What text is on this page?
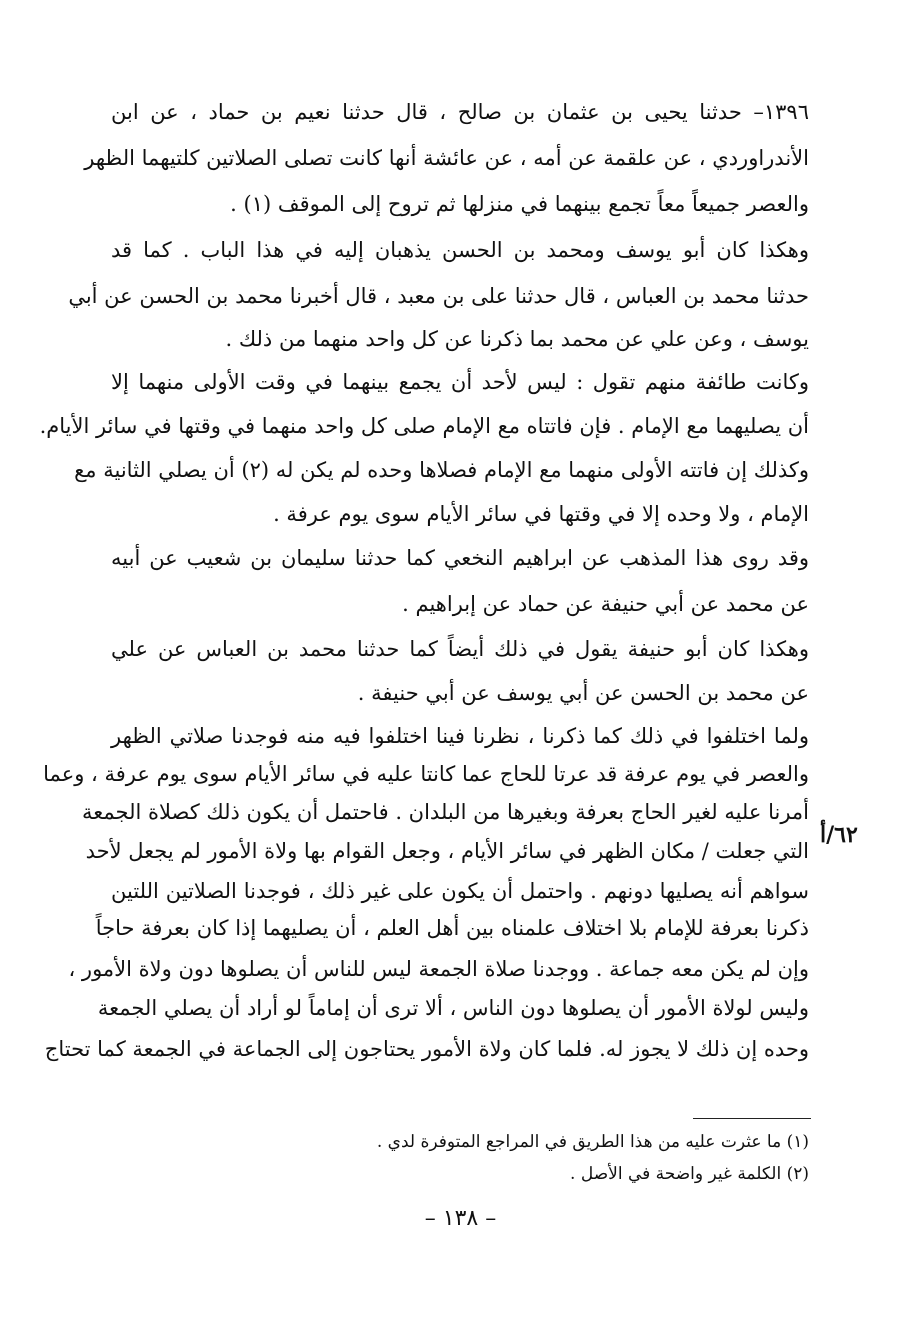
١٣٩٦– حدثنا يحيى بن عثمان بن صالح ، قال حدثنا نعيم بن حماد ، عن ابن
الأندراوردي ، عن علقمة عن أمه ، عن عائشة أنها كانت تصلى الصلاتين كلتيهما الظهر
والعصر جميعاً معاً تجمع بينهما في منزلها ثم تروح إلى الموقف (١) .
وهكذا كان أبو يوسف ومحمد بن الحسن يذهبان إليه في هذا الباب . كما قد
حدثنا محمد بن العباس ، قال حدثنا على بن معبد ، قال أخبرنا محمد بن الحسن عن أبي
يوسف ، وعن علي عن محمد بما ذكرنا عن كل واحد منهما من ذلك .
وكانت طائفة منهم تقول : ليس لأحد أن يجمع بينهما في وقت الأولى منهما إلا
أن يصليهما مع الإمام . فإن فاتتاه مع الإمام صلى كل واحد منهما في وقتها في سائر الأيام.
وكذلك إن فاتته الأولى منهما مع الإمام فصلاها وحده لم يكن له (٢) أن يصلي الثانية مع
الإمام ، ولا وحده إلا في وقتها في سائر الأيام سوى يوم عرفة .
وقد روى هذا المذهب عن ابراهيم النخعي كما حدثنا سليمان بن شعيب عن أبيه
عن محمد عن أبي حنيفة عن حماد عن إبراهيم .
وهكذا كان أبو حنيفة يقول في ذلك أيضاً كما حدثنا محمد بن العباس عن علي
عن محمد بن الحسن عن أبي يوسف عن أبي حنيفة .
ولما اختلفوا في ذلك كما ذكرنا ، نظرنا فينا اختلفوا فيه منه فوجدنا صلاتي الظهر
والعصر في يوم عرفة قد عرتا للحاج عما كانتا عليه في سائر الأيام سوى يوم عرفة ، وعما
أمرنا عليه لغير الحاج بعرفة وبغيرها من البلدان . فاحتمل أن يكون ذلك كصلاة الجمعة
التي جعلت / مكان الظهر في سائر الأيام ، وجعل القوام بها ولاة الأمور لم يجعل لأحد
سواهم أنه يصليها دونهم . واحتمل أن يكون على غير ذلك ، فوجدنا الصلاتين اللتين
ذكرنا بعرفة للإمام بلا اختلاف علمناه بين أهل العلم ، أن يصليهما إذا كان بعرفة حاجاً
وإن لم يكن معه جماعة . ووجدنا صلاة الجمعة ليس للناس أن يصلوها دون ولاة الأمور ،
وليس لولاة الأمور أن يصلوها دون الناس ، ألا ترى أن إماماً لو أراد أن يصلي الجمعة
وحده إن ذلك لا يجوز له. فلما كان ولاة الأمور يحتاجون إلى الجماعة في الجمعة كما تحتاج
٦٢/أ
(١) ما عثرت عليه من هذا الطريق في المراجع المتوفرة لدي .
(٢) الكلمة غير واضحة في الأصل .
– ١٣٨ –
